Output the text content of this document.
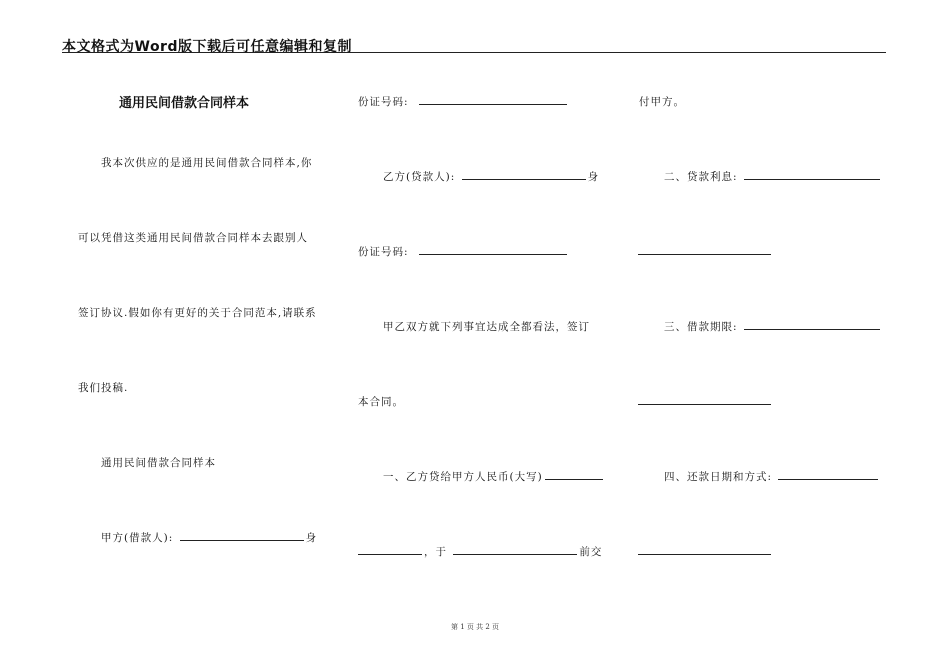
本文格式为Word版下载后可任意编辑和复制
通用民间借款合同样本
我本次供应的是通用民间借款合同样本,你
可以凭借这类通用民间借款合同样本去跟别人
签订协议.假如你有更好的关于合同范本,请联系
我们投稿.
通用民间借款合同样本
甲方(借款人):	身
份证号码:
乙方(贷款人):	身
份证号码:
甲乙双方就下列事宜达成全都看法，签订
本合同。
一、乙方贷给甲方人民币(大写)
，于	前交
付甲方。
二、贷款利息:
三、借款期限:
四、还款日期和方式:
第 1 页 共 2 页
